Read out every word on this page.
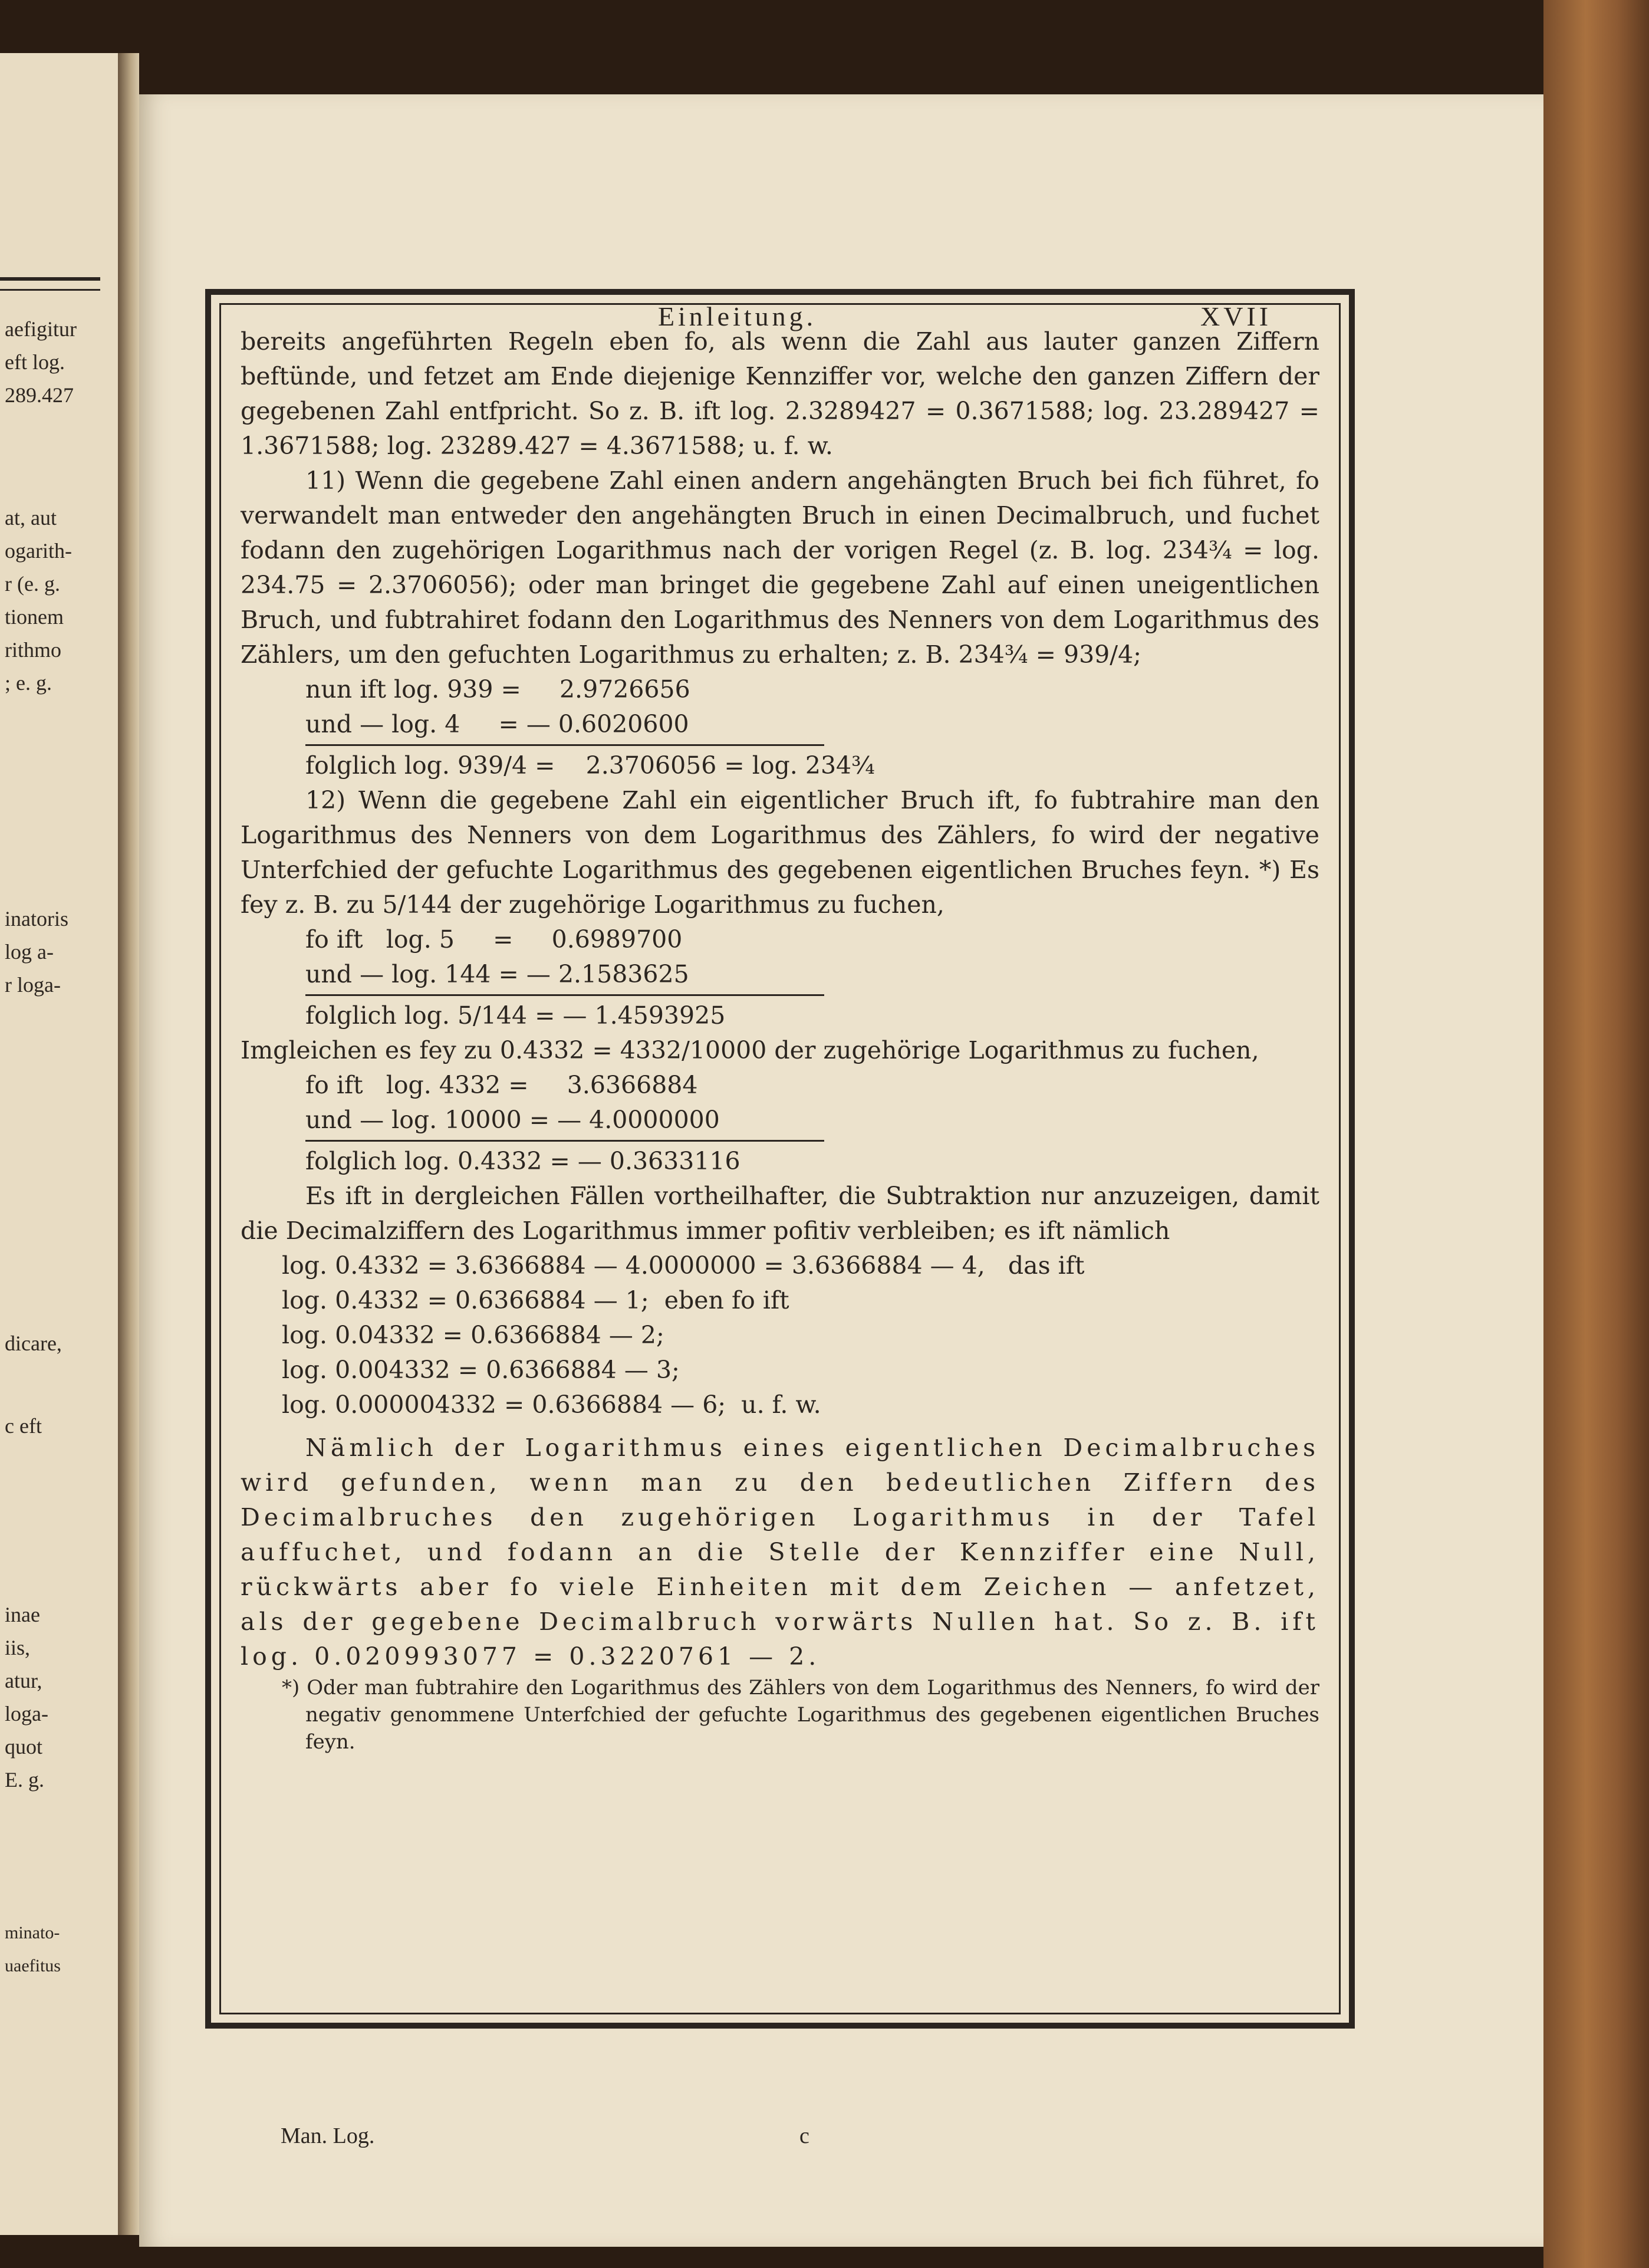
aefigitur
eft log.
289.427
at, aut
ogarith-
r (e. g.
tionem
rithmo
; e. g.
inatoris
log a-
r loga-
dicare,
c eft
inae
iis,
atur,
loga-
quot
E. g.
minato-
uaefitus
Einleitung.	XVII

bereits angeführten Regeln eben fo, als wenn die Zahl aus lauter ganzen Ziffern beftünde, und fetzet am Ende diejenige Kennziffer vor, welche den ganzen Ziffern der gegebenen Zahl entfpricht. So z. B. ift log. 2.3289427 = 0.3671588; log. 23.289427 = 1.3671588; log. 23289.427 = 4.3671588; u. f. w.

11) Wenn die gegebene Zahl einen andern angehängten Bruch bei fich führet, fo verwandelt man entweder den angehängten Bruch in einen Decimalbruch, und fuchet fodann den zugehörigen Logarithmus nach der vorigen Regel (z. B. log. 234¾ = log. 234.75 = 2.3706056); oder man bringet die gegebene Zahl auf einen uneigentlichen Bruch, und fubtrahiret fodann den Logarithmus des Nenners von dem Logarithmus des Zählers, um den gefuchten Logarithmus zu erhalten; z. B. 234¾ = 939/4;

nun ift log. 939 =     2.9726656

und — log. 4     = — 0.6020600

folglich log. 939/4 =    2.3706056 = log. 234¾

12) Wenn die gegebene Zahl ein eigentlicher Bruch ift, fo fubtrahire man den Logarithmus des Nenners von dem Logarithmus des Zählers, fo wird der negative Unterfchied der gefuchte Logarithmus des gegebenen eigentlichen Bruches feyn. *) Es fey z. B. zu 5/144 der zugehörige Logarithmus zu fuchen,

fo ift   log. 5     =     0.6989700

und — log. 144 = — 2.1583625

folglich log. 5/144 = — 1.4593925

Imgleichen es fey zu 0.4332 = 4332/10000 der zugehörige Logarithmus zu fuchen,

fo ift   log. 4332 =     3.6366884

und — log. 10000 = — 4.0000000

folglich log. 0.4332 = — 0.3633116

Es ift in dergleichen Fällen vortheilhafter, die Subtraktion nur anzuzeigen, damit die Decimalziffern des Logarithmus immer pofitiv verbleiben; es ift nämlich

log. 0.4332 = 3.6366884 — 4.0000000 = 3.6366884 — 4,   das ift

log. 0.4332 = 0.6366884 — 1;  eben fo ift

log. 0.04332 = 0.6366884 — 2;

log. 0.004332 = 0.6366884 — 3;

log. 0.000004332 = 0.6366884 — 6;  u. f. w.

Nämlich der Logarithmus eines eigentlichen Decimalbruches wird gefunden, wenn man zu den bedeutlichen Ziffern des Decimalbruches den zugehörigen Logarithmus in der Tafel auffuchet, und fodann an die Stelle der Kennziffer eine Null, rückwärts aber fo viele Einheiten mit dem Zeichen — anfetzet, als der gegebene Decimalbruch vorwärts Nullen hat. So z. B. ift log. 0.020993077 = 0.3220761 — 2.

*) Oder man fubtrahire den Logarithmus des Zählers von dem Logarithmus des Nenners, fo wird der negativ genommene Unterfchied der gefuchte Logarithmus des gegebenen eigentlichen Bruches feyn.

Man. Log.	c
